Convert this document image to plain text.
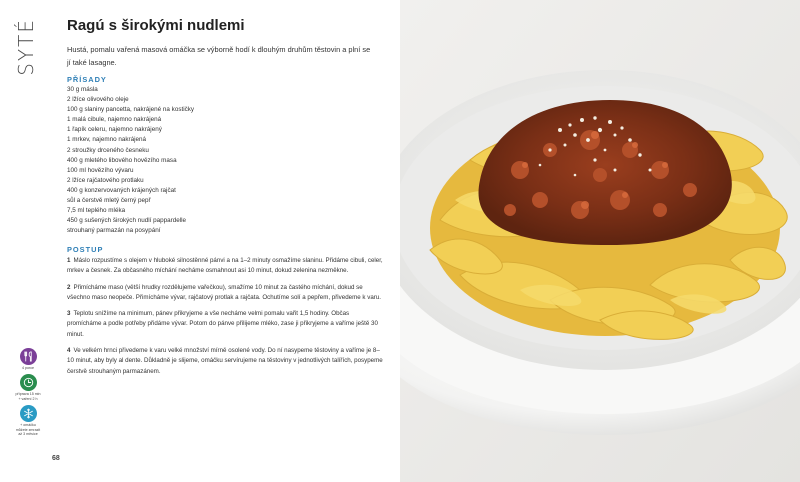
SYTÉ	Ragú s širokými nudlemi

Hustá, pomalu vařená masová omáčka se výborně hodí k dlouhým druhům těstovin a plní se jí také lasagne.

PŘÍSADY
30 g másla
2 lžíce olivového oleje
100 g slaniny pancetta, nakrájené na kostičky
1 malá cibule, najemno nakrájená
1 řapík celeru, najemno nakrájený
1 mrkev, najemno nakrájená
2 stroužky drceného česneku
400 g mletého libového hovězího masa
100 ml hovězího vývaru
2 lžíce rajčatového protlaku
400 g konzervovaných krájených rajčat
sůl a čerstvě mletý černý pepř
7,5 ml teplého mléka
450 g sušených širokých nudlí pappardelle
strouhaný parmazán na posypání
POSTUP
1 Máslo rozpustíme s olejem v hluboké silnostěnné pánvi a na 1–2 minuty osmažíme slaninu. Přidáme cibuli, celer, mrkev a česnek. Za občasného míchání necháme osmahnout asi 10 minut, dokud zelenina nezměkne.
2 Přimícháme maso (větší hrudky rozdělujeme vařečkou), smažíme 10 minut za častého míchání, dokud se všechno maso neopeče. Přimícháme vývar, rajčatový protlak a rajčata. Ochutíme solí a pepřem, přivedeme k varu.
3 Teplotu snížíme na minimum, pánev přikryjeme a vše necháme velmi pomalu vařit 1,5 hodiny. Občas promícháme a podle potřeby přidáme vývar. Potom do pánve přilijeme mléko, zase ji přikryjeme a vaříme ještě 30 minut.
4 Ve velkém hrnci přivedeme k varu velké množství mírně osolené vody. Do ní nasypeme těstoviny a vaříme je 8–10 minut, aby byly al dente. Důkladně je slijeme, omáčku servírujeme na těstoviny v jednotlivých talířích, posypeme čerstvě strouhaným parmazánem.
4 porce
příprava 15 min + vaření 2 h
+ omáčku můžete zmrazit až 3 měsíce
68
